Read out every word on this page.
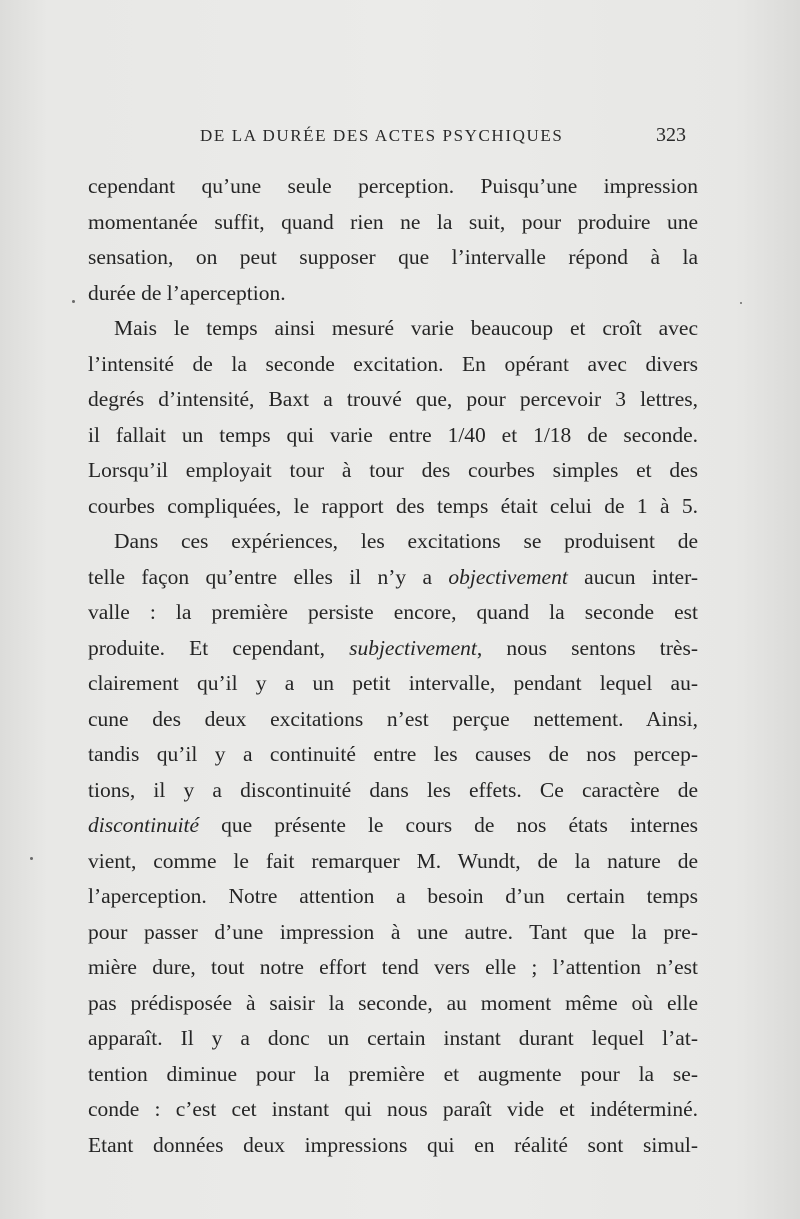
DE LA DURÉE DES ACTES PSYCHIQUES	323
cependant qu’une seule perception. Puisqu’une impression
momentanée suffit, quand rien ne la suit, pour produire une
sensation, on peut supposer que l’intervalle répond à la
durée de l’aperception.
Mais le temps ainsi mesuré varie beaucoup et croît avec
l’intensité de la seconde excitation. En opérant avec divers
degrés d’intensité, Baxt a trouvé que, pour percevoir 3 lettres,
il fallait un temps qui varie entre 1/40 et 1/18 de seconde.
Lorsqu’il employait tour à tour des courbes simples et des
courbes compliquées, le rapport des temps était celui de 1 à 5.
Dans ces expériences, les excitations se produisent de
telle façon qu’entre elles il n’y a objectivement aucun inter-
valle : la première persiste encore, quand la seconde est
produite. Et cependant, subjectivement, nous sentons très-
clairement qu’il y a un petit intervalle, pendant lequel au-
cune des deux excitations n’est perçue nettement. Ainsi,
tandis qu’il y a continuité entre les causes de nos percep-
tions, il y a discontinuité dans les effets. Ce caractère de
discontinuité que présente le cours de nos états internes
vient, comme le fait remarquer M. Wundt, de la nature de
l’aperception. Notre attention a besoin d’un certain temps
pour passer d’une impression à une autre. Tant que la pre-
mière dure, tout notre effort tend vers elle ; l’attention n’est
pas prédisposée à saisir la seconde, au moment même où elle
apparaît. Il y a donc un certain instant durant lequel l’at-
tention diminue pour la première et augmente pour la se-
conde : c’est cet instant qui nous paraît vide et indéterminé.
Etant données deux impressions qui en réalité sont simul-
